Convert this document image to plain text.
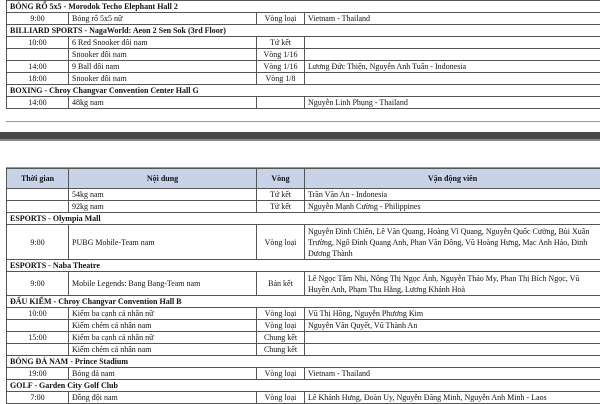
BÓNG RỔ 5x5 - Morodok Techo Elephant Hall 2			
9:00	Bóng rổ 5x5 nữ	Vòng loại	Vietnam - Thailand
BILLIARD SPORTS - NagaWorld: Aeon 2 Sen Sok (3rd Floor)			
10:00	6 Red Snooker đôi nam	Tứ kết	
	Snooker đôi nam	Vòng 1/16	
14:00	9 Ball đôi nam	Vòng 1/16	Lương Đức Thiện, Nguyễn Anh Tuấn - Indonesia
18:00	Snooker đôi nam	Vòng 1/8	
BOXING - Chroy Changvar Convention Center Hall G			
14:00	48kg nam		Nguyễn Linh Phụng - Thailand
Thời gian	Nội dung	Vòng	Vận động viên
	54kg nam	Tứ kết	Trần Văn An - Indonesia
	92kg nam	Tứ kết	Nguyễn Mạnh Cường - Philippines
ESPORTS - Olympia Mall			
9:00	PUBG Mobile-Team nam	Vòng loại	Nguyễn Đình Chiến, Lê Văn Quang, Hoàng Vĩ Quang, Nguyễn Quốc Cường, Bùi Xuân Trường, Ngô Đình Quang Anh, Phan Văn Đông, Vũ Hoàng Hưng, Mạc Anh Hảo, Đinh Dương Thành
ESPORTS - Naba Theatre			
9:00	Mobile Legends: Bang Bang-Team nam	Bán kết	Lê Ngọc Tâm Nhi, Nông Thị Ngọc Ánh, Nguyễn Thảo My, Phan Thị Bích Ngọc, Vũ Huyền Anh, Phạm Thu Hằng, Lương Khánh Hoà
ĐẤU KIẾM - Chroy Changvar Convention Hall B			
10:00	Kiếm ba cạnh cá nhân nữ	Vòng loại	Vũ Thị Hồng, Nguyễn Phương Kim
	Kiếm chém cá nhân nam	Vòng loại	Nguyễn Văn Quyết, Vũ Thành An
15:00	Kiếm ba cạnh cá nhân nữ	Chung kết	
	Kiếm chém cá nhân nam	Chung kết	
BÓNG ĐÁ NAM - Prince Stadium			
19:00	Bóng đá nam	Vòng loại	Vietnam - Thailand
GOLF - Garden City Golf Club			
7:00	Đồng đội nam	Vòng loại	Lê Khánh Hưng, Đoàn Uy, Nguyễn Đăng Minh, Nguyễn Anh Minh - Laos
